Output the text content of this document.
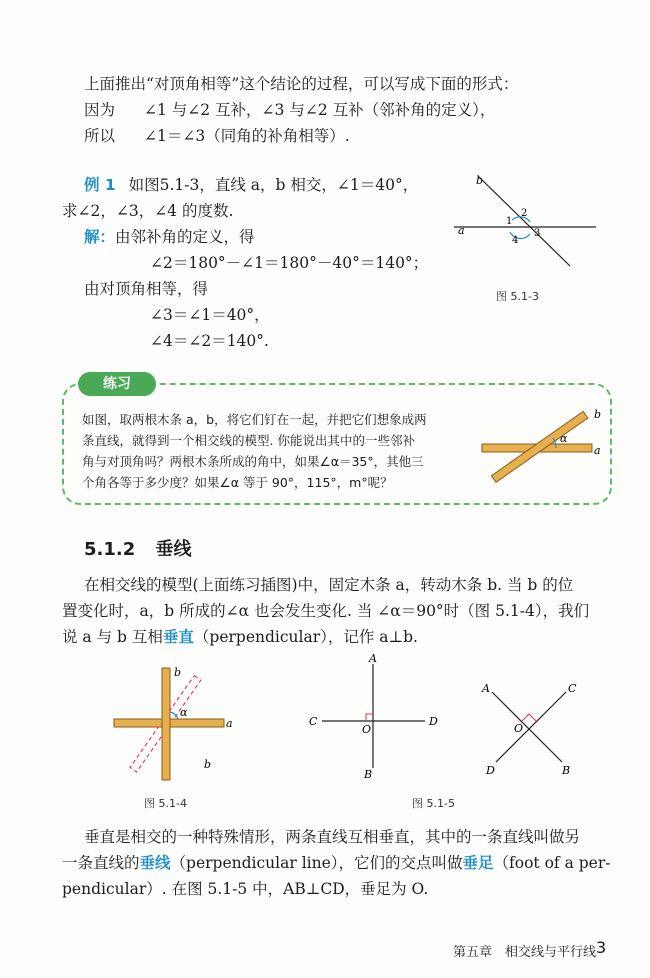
上面推出“对顶角相等”这个结论的过程，可以写成下面的形式：

因为 ∠1 与∠2 互补，∠3 与∠2 互补（邻补角的定义），

所以 ∠1＝∠3（同角的补角相等）.

例 1 如图5.1-3，直线 a，b 相交，∠1＝40°，

求∠2，∠3，∠4 的度数.

解：由邻补角的定义，得

∠2＝180°－∠1＝180°－40°＝140°；

由对顶角相等，得

∠3＝∠1＝40°，

∠4＝∠2＝140°.

b
a
1
2
3
4
图 5.1-3
练习
如图，取两根木条 a，b，将它们钉在一起，并把它们想象成两
条直线，就得到一个相交线的模型. 你能说出其中的一些邻补
角与对顶角吗？两根木条所成的角中，如果∠α＝35°，其他三
个角各等于多少度？如果∠α 等于 90°，115°，m°呢？
b
a
α
5.1.2 垂线

在相交线的模型(上面练习插图)中，固定木条 a，转动木条 b. 当 b 的位

置变化时，a，b 所成的∠α 也会发生变化. 当 ∠α＝90°时（图 5.1-4），我们

说 a 与 b 互相垂直（perpendicular），记作 a⊥b.

b
a
α
b
图 5.1-4
A
C	D
O
B
A	C
O
D	B
图 5.1-5

垂直是相交的一种特殊情形，两条直线互相垂直，其中的一条直线叫做另

一条直线的垂线（perpendicular line），它们的交点叫做垂足（foot of a per-

pendicular）. 在图 5.1-5 中，AB⊥CD，垂足为 O.

第五章　相交线与平行线 3
